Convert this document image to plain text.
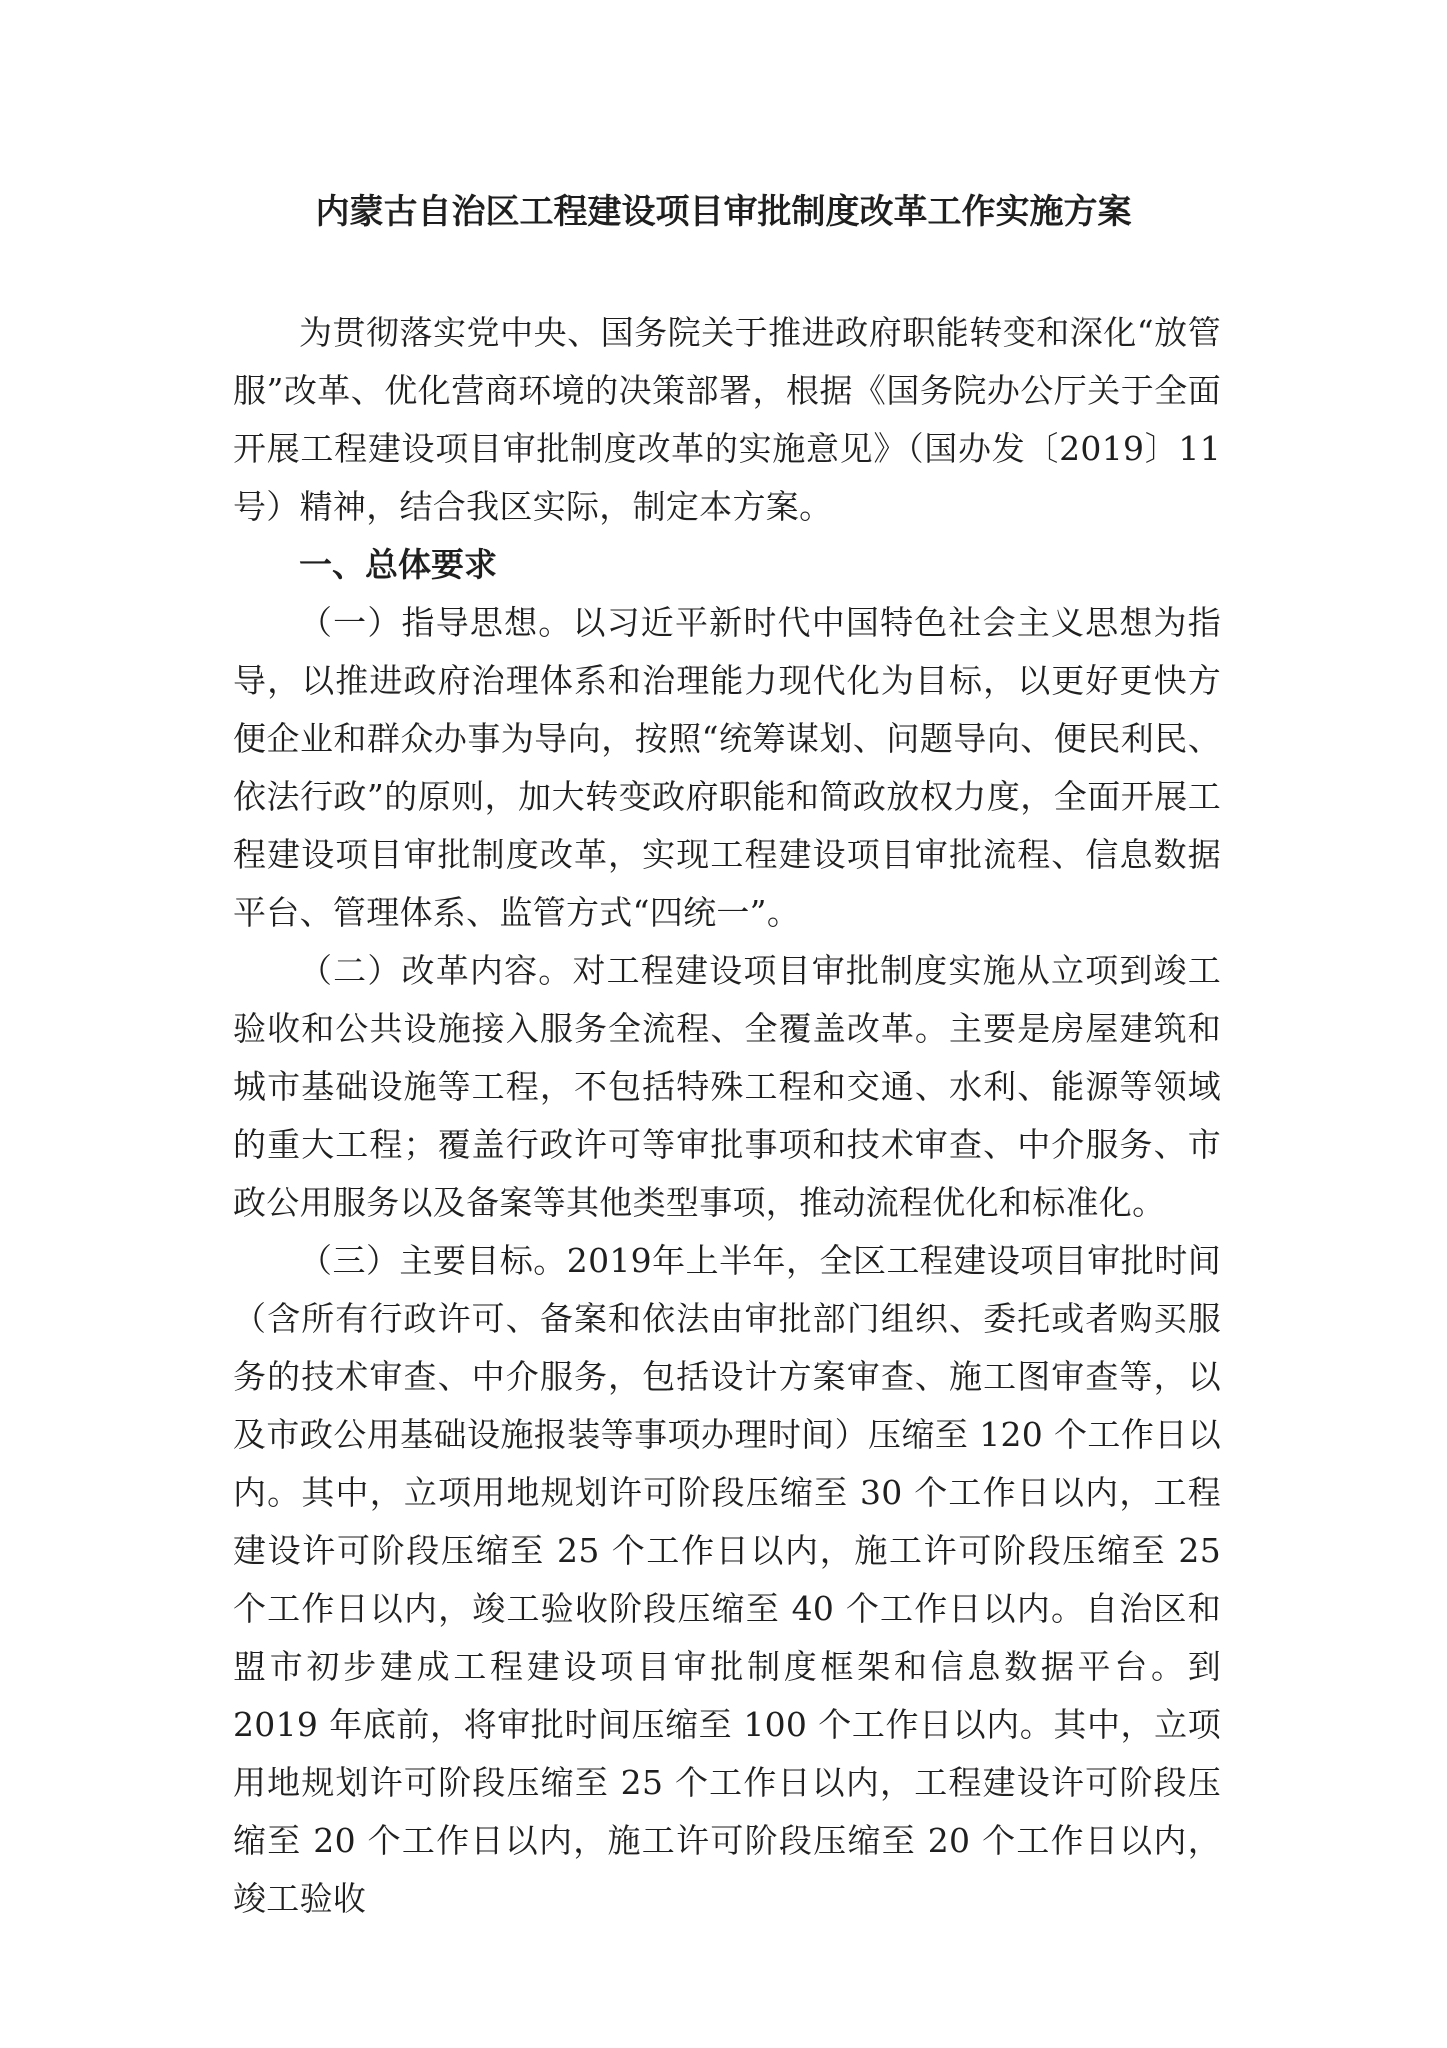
内蒙古自治区工程建设项目审批制度改革工作实施方案

为贯彻落实党中央、国务院关于推进政府职能转变和深化“放管服”改革、优化营商环境的决策部署，根据《国务院办公厅关于全面开展工程建设项目审批制度改革的实施意见》（国办发〔2019〕11号）精神，结合我区实际，制定本方案。

一、总体要求

（一）指导思想。以习近平新时代中国特色社会主义思想为指导，以推进政府治理体系和治理能力现代化为目标，以更好更快方便企业和群众办事为导向，按照“统筹谋划、问题导向、便民利民、依法行政”的原则，加大转变政府职能和简政放权力度，全面开展工程建设项目审批制度改革，实现工程建设项目审批流程、信息数据平台、管理体系、监管方式“四统一”。

（二）改革内容。对工程建设项目审批制度实施从立项到竣工验收和公共设施接入服务全流程、全覆盖改革。主要是房屋建筑和城市基础设施等工程，不包括特殊工程和交通、水利、能源等领域的重大工程；覆盖行政许可等审批事项和技术审查、中介服务、市政公用服务以及备案等其他类型事项，推动流程优化和标准化。

（三）主要目标。2019年上半年，全区工程建设项目审批时间（含所有行政许可、备案和依法由审批部门组织、委托或者购买服务的技术审查、中介服务，包括设计方案审查、施工图审查等，以及市政公用基础设施报装等事项办理时间）压缩至 120 个工作日以内。其中，立项用地规划许可阶段压缩至 30 个工作日以内，工程建设许可阶段压缩至 25 个工作日以内，施工许可阶段压缩至 25 个工作日以内，竣工验收阶段压缩至 40 个工作日以内。自治区和盟市初步建成工程建设项目审批制度框架和信息数据平台。到 2019 年底前，将审批时间压缩至 100 个工作日以内。其中，立项用地规划许可阶段压缩至 25 个工作日以内，工程建设许可阶段压缩至 20 个工作日以内，施工许可阶段压缩至 20 个工作日以内，竣工验收
